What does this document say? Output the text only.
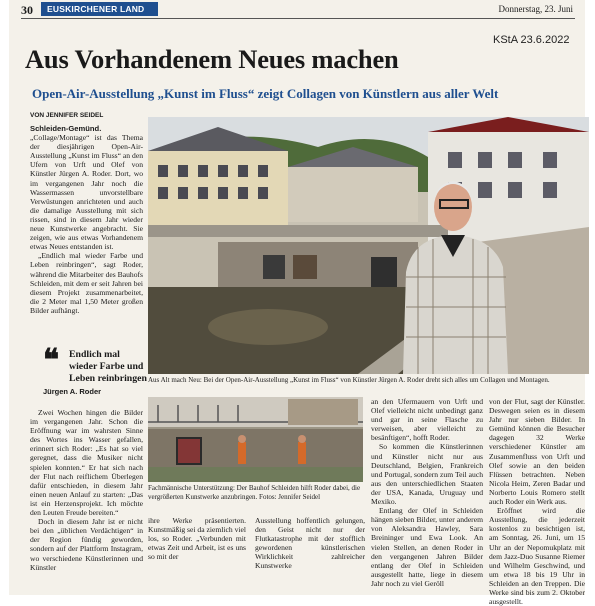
30	EUSKIRCHENER LAND	Donnerstag, 23. Juni
KStA 23.6.2022
Aus Vorhandenem Neues machen
Open-Air-Ausstellung „Kunst im Fluss“ zeigt Collagen von Künstlern aus aller Welt
VON JENNIFER SEIDEL

Schleiden-Gemünd. „Collage/Montage“ ist das Thema der diesjährigen Open-Air-Ausstellung „Kunst im Fluss“ an den Ufern von Urft und Olef von Künstler Jürgen A. Roder. Dort, wo im vergangenen Jahr noch die Wassermassen unvorstellbare Verwüstungen anrichteten und auch die damalige Ausstellung mit sich rissen, sind in diesem Jahr wieder neue Kunstwerke angebracht. Sie zeigen, wie aus etwas Vorhandenem etwas Neues entstanden ist.

„Endlich mal wieder Farbe und Leben reinbringen“, sagt Roder, während die Mitarbeiter des Bauhofs Schleiden, mit dem er seit Jahren bei diesem Projekt zusammenarbeitet, die 2 Meter mal 1,50 Meter großen Bilder aufhängt.

❝ Endlich mal wieder Farbe und Leben reinbringen
Jürgen A. Roder

Zwei Wochen hingen die Bilder im vergangenen Jahr. Schon die Eröffnung war im wahrsten Sinne des Wortes ins Wasser gefallen, erinnert sich Roder: „Es hat so viel geregnet, dass die Musiker nicht spielen konnten.“ Er hat sich nach der Flut nach reiflichem Überlegen dafür entschieden, in diesem Jahr einen neuen Anlauf zu starten: „Das ist ein Herzensprojekt. Ich möchte den Leuten Freude bereiten.“

Doch in diesem Jahr ist er nicht bei den „üblichen Verdächtigen“ in der Region fündig geworden, sondern auf der Plattform Instagram, wo verschiedene Künstlerinnen und Künstler

Aus Alt mach Neu: Bei der Open-Air-Ausstellung „Kunst im Fluss“ von Künstler Jürgen A. Roder dreht sich alles um Collagen und Montagen.
Fachmännische Unterstützung: Der Bauhof Schleiden hilft Roder dabei, die vergrößerten Kunstwerke anzubringen. Fotos: Jennifer Seidel

ihre Werke präsentierten. Kunstmäßig sei da ziemlich viel los, so Roder. „Verbunden mit etwas Zeit und Arbeit, ist es uns so mit der

Ausstellung hoffentlich gelungen, den Geist nicht nur der Flutkatastrophe mit der stofflich gewordenen künstlerischen Wirklichkeit zahlreicher Kunstwerke

an den Ufermauern von Urft und Olef vielleicht nicht unbedingt ganz und gar in seine Flasche zu verweisen, aber vielleicht zu besänftigen“, hofft Roder.

So kommen die Künstlerinnen und Künstler nicht nur aus Deutschland, Belgien, Frankreich und Portugal, sondern zum Teil auch aus den unterschiedlichen Staaten der USA, Kanada, Uruguay und Mexiko.

Entlang der Olef in Schleiden hängen sieben Bilder, unter anderem von Aleksandra Hawley, Sara Breininger und Ewa Look. An vielen Stellen, an denen Roder in den vergangenen Jahren Bilder entlang der Olef in Schleiden ausgestellt hatte, liege in diesem Jahr noch zu viel Geröll

von der Flut, sagt der Künstler. Deswegen seien es in diesem Jahr nur sieben Bilder. In Gemünd können die Besucher dagegen 32 Werke verschiedener Künstler am Zusammenfluss von Urft und Olef sowie an den beiden Flüssen betrachten. Neben Nicola Heim, Zeren Badar und Norberto Louis Romero stellt auch Roder ein Werk aus.

Eröffnet wird die Ausstellung, die jederzeit kostenlos zu besichtigen ist, am Sonntag, 26. Juni, um 15 Uhr an der Nepomukplatz mit dem Jazz-Duo Susanne Riemer und Wilhelm Geschwind, und um etwa 18 bis 19 Uhr in Schleiden an den Treppen. Die Werke sind bis zum 2. Oktober ausgestellt.
